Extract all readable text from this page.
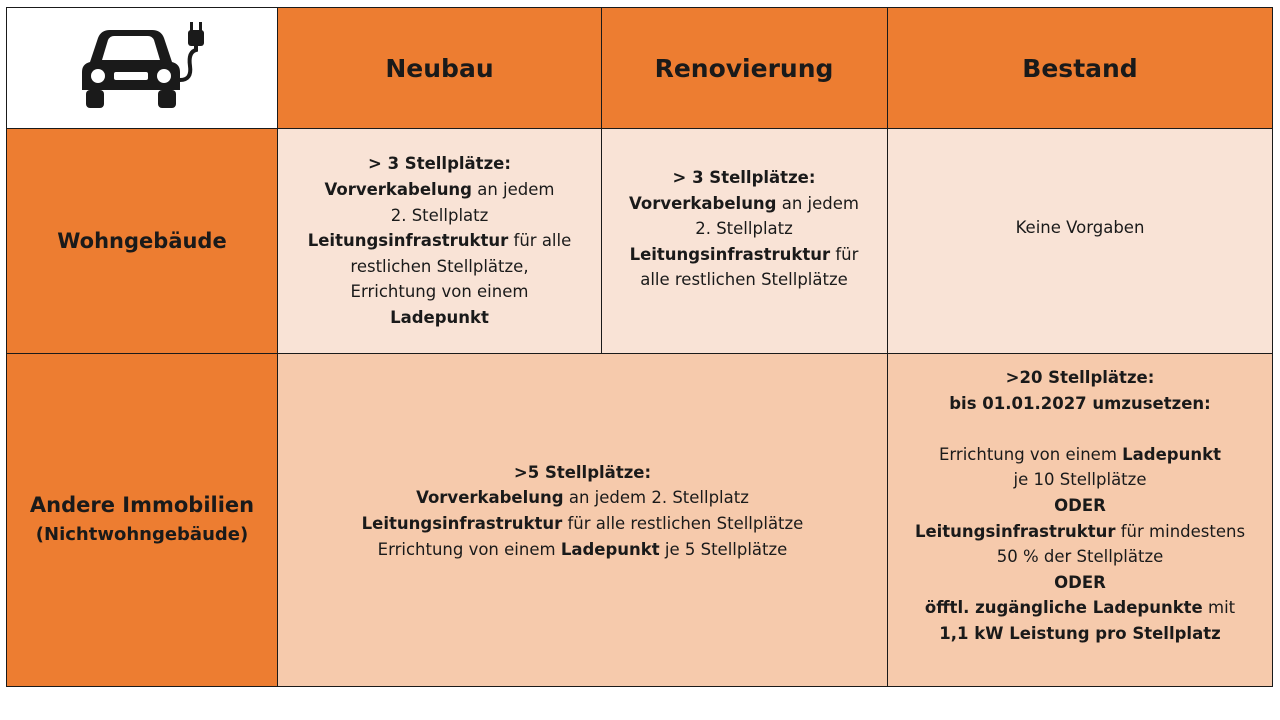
Neubau	Renovierung	Bestand
Wohngebäude
> 3 Stellplätze:
Vorverkabelung an jedem
2. Stellplatz
Leitungsinfrastruktur für alle
restlichen Stellplätze,
Errichtung von einem
Ladepunkt
> 3 Stellplätze:
Vorverkabelung an jedem
2. Stellplatz
Leitungsinfrastruktur für
alle restlichen Stellplätze
Keine Vorgaben
Andere Immobilien
(Nichtwohngebäude)
>5 Stellplätze:
Vorverkabelung an jedem 2. Stellplatz
Leitungsinfrastruktur für alle restlichen Stellplätze
Errichtung von einem Ladepunkt je 5 Stellplätze
>20 Stellplätze:
bis 01.01.2027 umzusetzen:

Errichtung von einem Ladepunkt
je 10 Stellplätze
ODER
Leitungsinfrastruktur für mindestens
50 % der Stellplätze
ODER
öfftl. zugängliche Ladepunkte mit
1,1 kW Leistung pro Stellplatz
